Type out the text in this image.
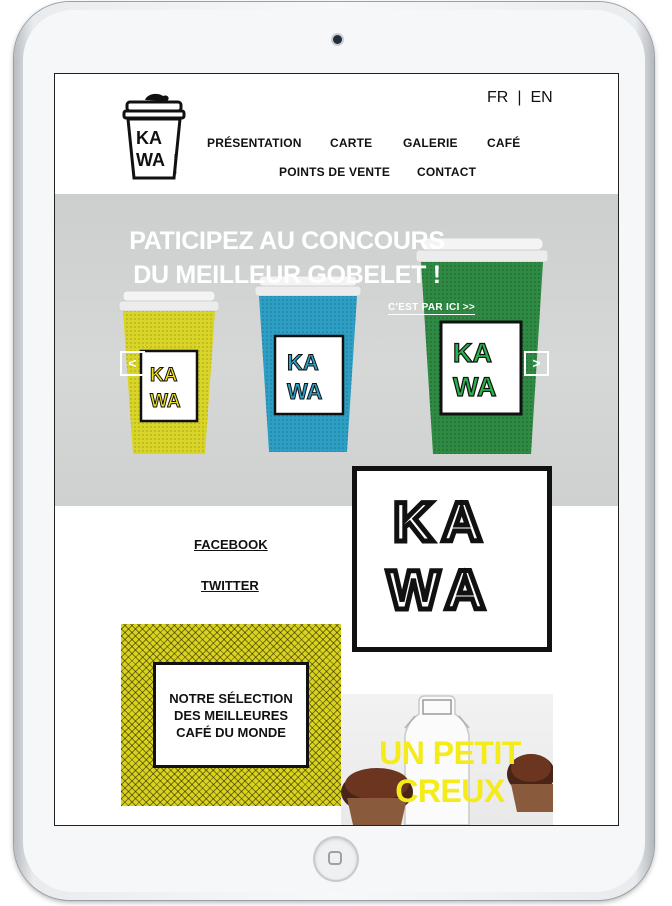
KA
WA CAFÉ BAR
FR | EN
PRÉSENTATION CARTE	GALERIE CAFÉ
POINTS DE VENTE CONTACT
KA
WA
KA
WA
KA
WA
PATICIPEZ AU CONCOURS
DU MEILLEUR GOBELET !
C'EST PAR ICI >>
<	>
FACEBOOK
TWITTER
KA
WA
NOTRE SÉLECTION DES MEILLEURES CAFÉ DU MONDE
UN PETIT
CREUX
